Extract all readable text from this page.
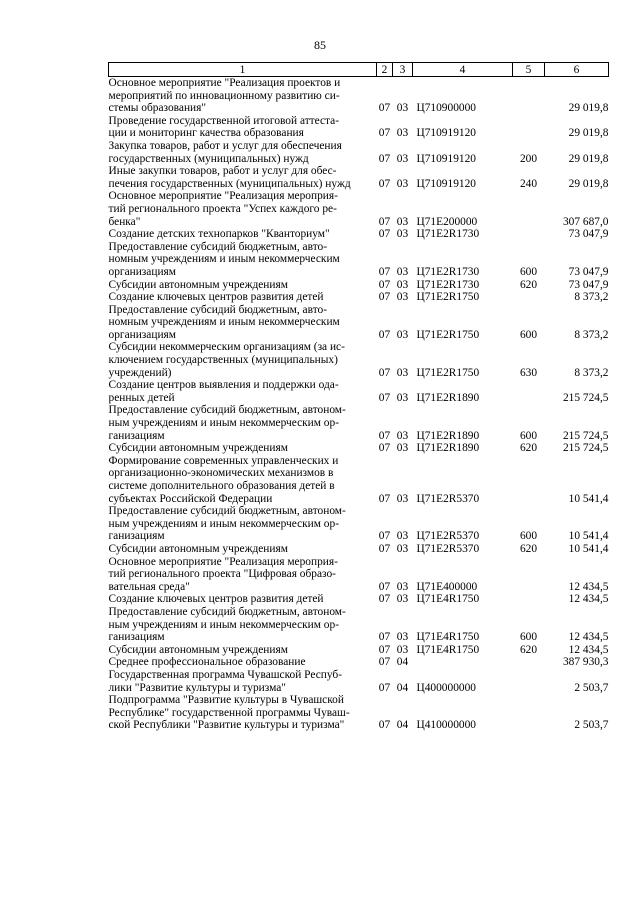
85
1	2	3	4	5	6

Основное мероприятие "Реализация проектов и
мероприятий по инновационному развитию си-
стемы образования"	07	03	Ц710900000		29 019,8

Проведение государственной итоговой аттеста-
ции и мониторинг качества образования	07	03	Ц710919120		29 019,8

Закупка товаров, работ и услуг для обеспечения
государственных (муниципальных) нужд	07	03	Ц710919120	200	29 019,8

Иные закупки товаров, работ и услуг для обес-
печения государственных (муниципальных) нужд	07	03	Ц710919120	240	29 019,8

Основное мероприятие "Реализация мероприя-
тий регионального проекта "Успех каждого ре-
бенка"	07	03	Ц71Е200000		307 687,0

Создание детских технопарков "Кванториум"	07	03	Ц71Е2R1730		73 047,9

Предоставление субсидий бюджетным, авто-
номным учреждениям и иным некоммерческим
организациям	07	03	Ц71Е2R1730	600	73 047,9

Субсидии автономным учреждениям	07	03	Ц71Е2R1730	620	73 047,9

Создание ключевых центров развития детей	07	03	Ц71Е2R1750		8 373,2

Предоставление субсидий бюджетным, авто-
номным учреждениям и иным некоммерческим
организациям	07	03	Ц71Е2R1750	600	8 373,2

Субсидии некоммерческим организациям (за ис-
ключением государственных (муниципальных)
учреждений)	07	03	Ц71Е2R1750	630	8 373,2

Создание центров выявления и поддержки ода-
ренных детей	07	03	Ц71Е2R1890		215 724,5

Предоставление субсидий бюджетным, автоном-
ным учреждениям и иным некоммерческим ор-
ганизациям	07	03	Ц71Е2R1890	600	215 724,5

Субсидии автономным учреждениям	07	03	Ц71Е2R1890	620	215 724,5

Формирование современных управленческих и
организационно-экономических механизмов в
системе дополнительного образования детей в
субъектах Российской Федерации	07	03	Ц71Е2R5370		10 541,4

Предоставление субсидий бюджетным, автоном-
ным учреждениям и иным некоммерческим ор-
ганизациям	07	03	Ц71Е2R5370	600	10 541,4

Субсидии автономным учреждениям	07	03	Ц71Е2R5370	620	10 541,4

Основное мероприятие "Реализация мероприя-
тий регионального проекта "Цифровая образо-
вательная среда"	07	03	Ц71Е400000		12 434,5

Создание ключевых центров развития детей	07	03	Ц71Е4R1750		12 434,5

Предоставление субсидий бюджетным, автоном-
ным учреждениям и иным некоммерческим ор-
ганизациям	07	03	Ц71Е4R1750	600	12 434,5

Субсидии автономным учреждениям	07	03	Ц71Е4R1750	620	12 434,5

Среднее профессиональное образование	07	04			387 930,3

Государственная программа Чувашской Респуб-
лики "Развитие культуры и туризма"	07	04	Ц400000000		2 503,7

Подпрограмма "Развитие культуры в Чувашской
Республике" государственной программы Чуваш-
ской Республики "Развитие культуры и туризма"	07	04	Ц410000000		2 503,7
